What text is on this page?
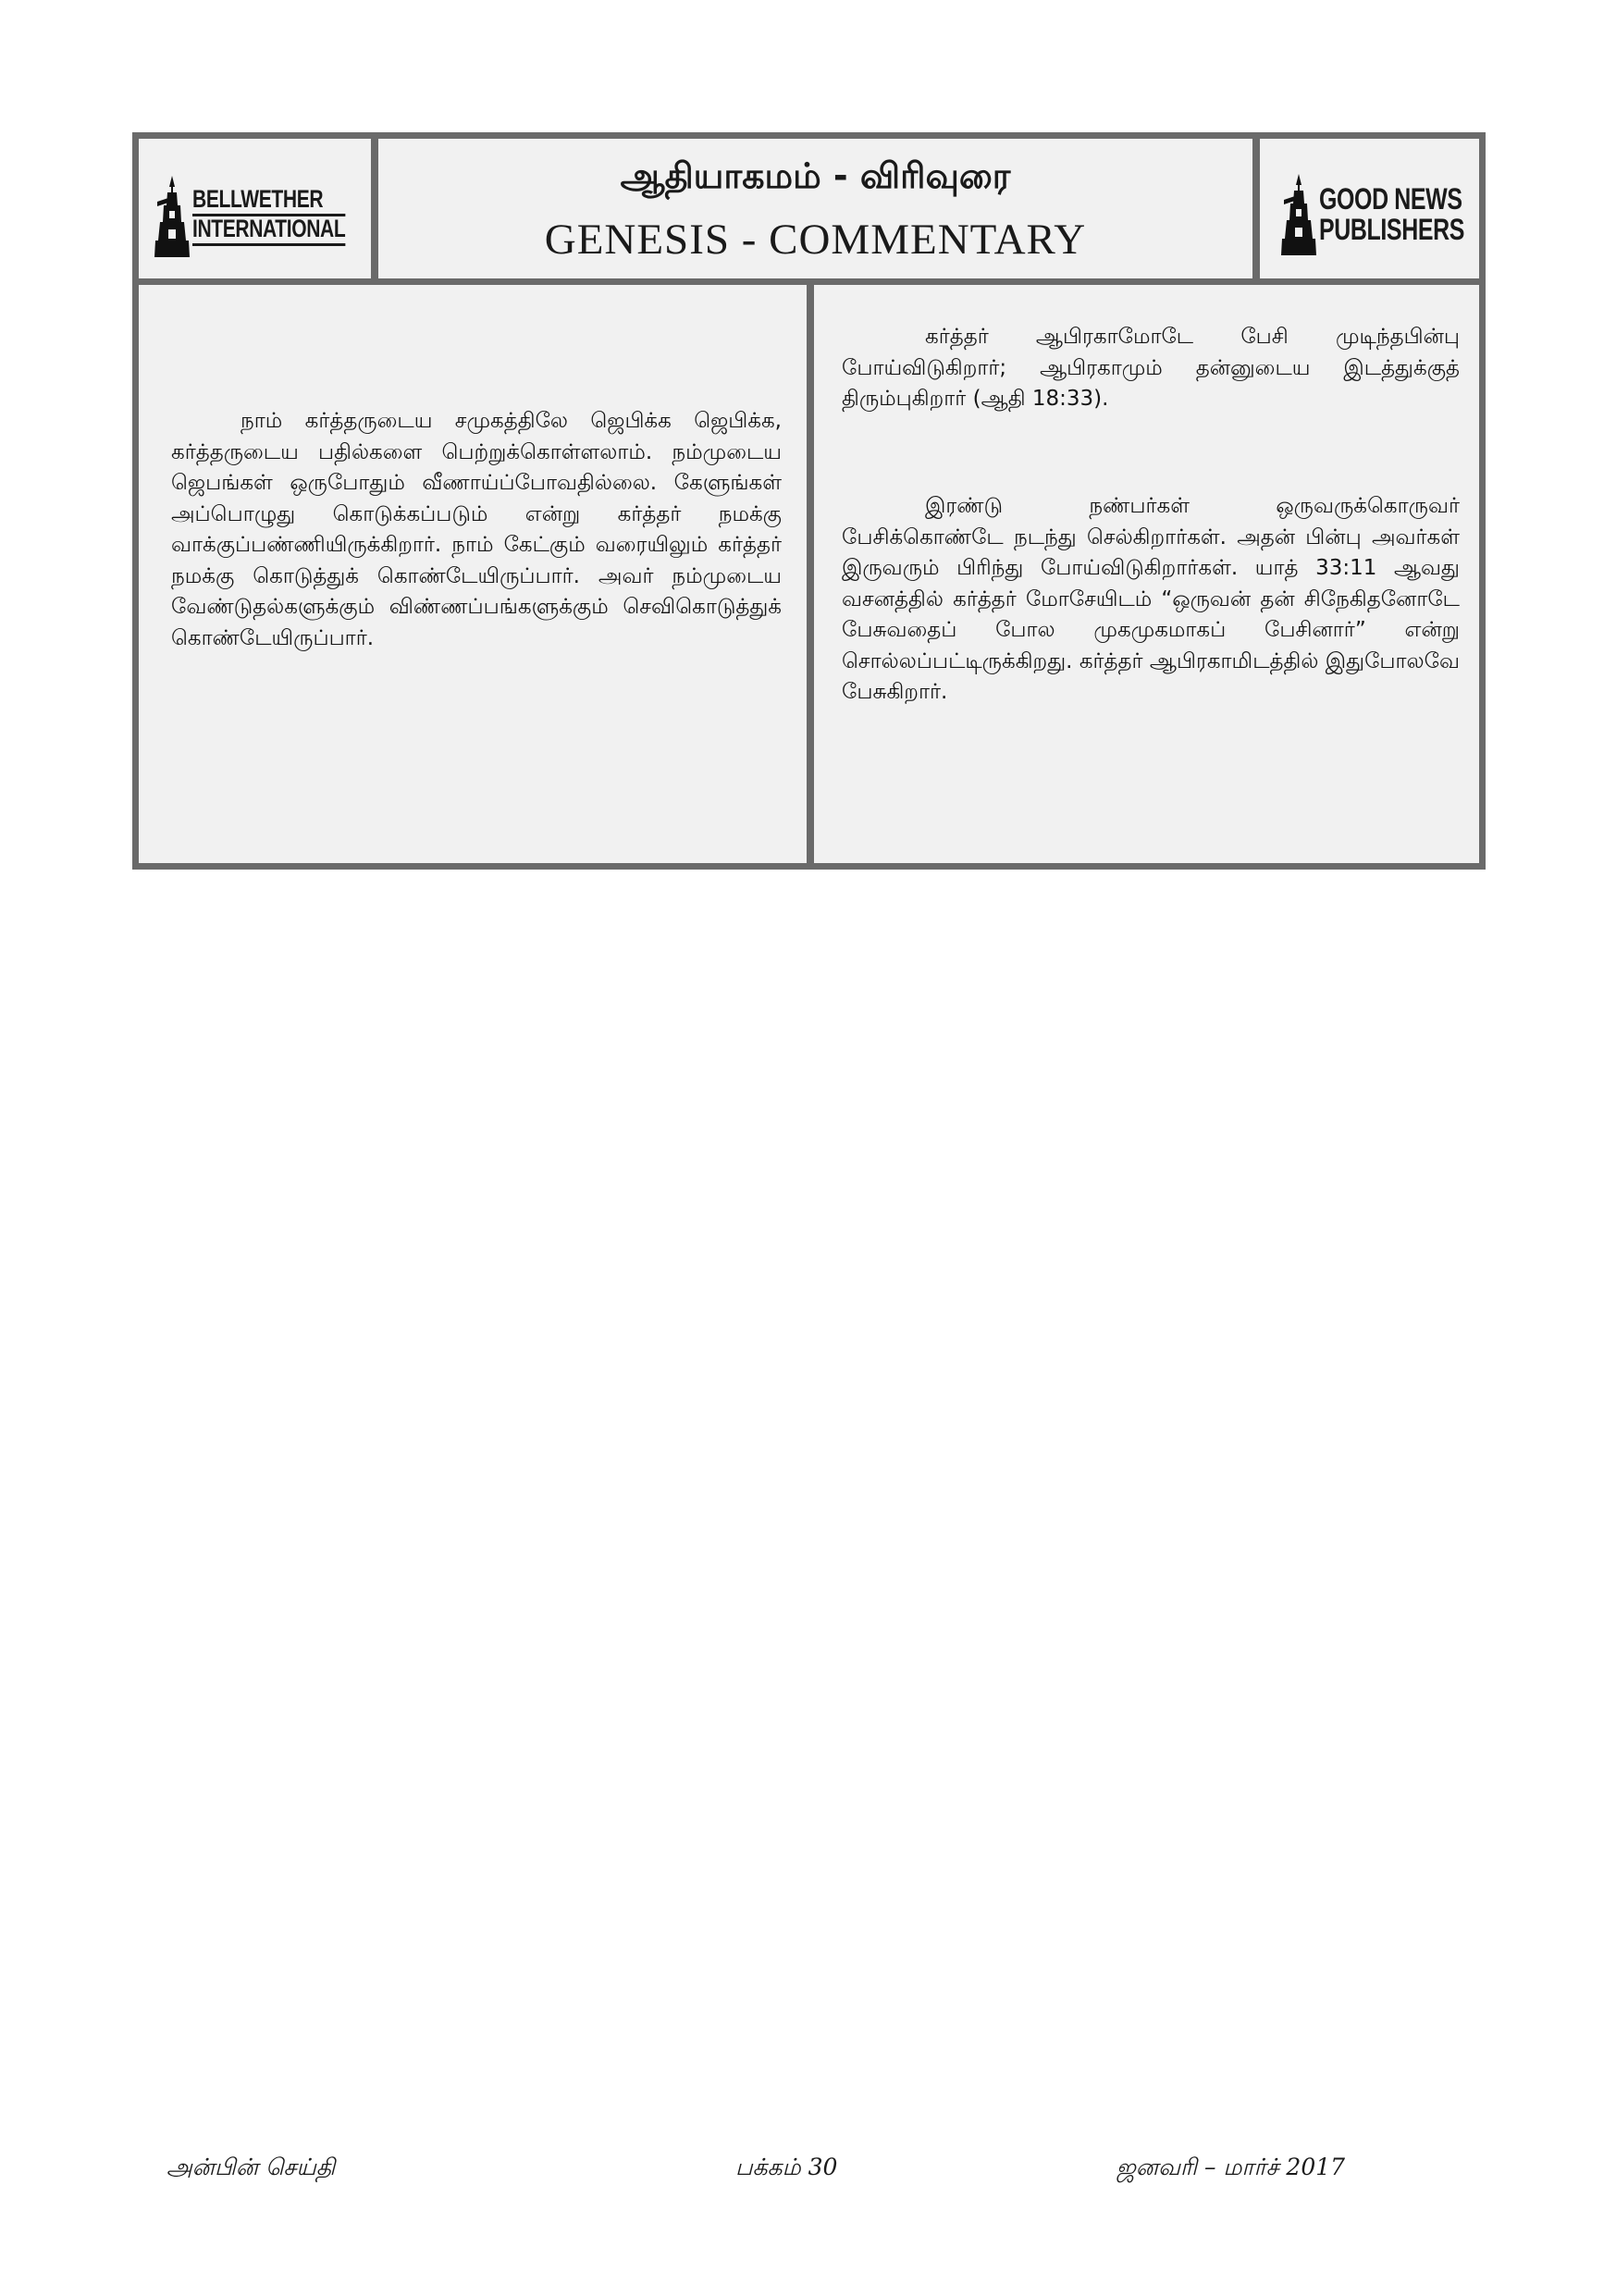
BELLWETHER
INTERNATIONAL
ஆதியாகமம் - விரிவுரை
GENESIS - COMMENTARY
GOOD NEWS
PUBLISHERS

நாம் கர்த்தருடைய சமுகத்திலே ஜெபிக்க ஜெபிக்க, கர்த்தருடைய பதில்களை பெற்றுக்கொள்ளலாம். நம்முடைய ஜெபங்கள் ஒருபோதும் வீணாய்ப்போவதில்லை. கேளுங்கள் அப்பொழுது கொடுக்கப்படும் என்று கர்த்தர் நமக்கு வாக்குப்பண்ணியிருக்கிறார். நாம் கேட்கும் வரையிலும் கர்த்தர் நமக்கு கொடுத்துக் கொண்டேயிருப்பார். அவர் நம்முடைய வேண்டுதல்களுக்கும் விண்ணப்பங்களுக்கும் செவிகொடுத்துக் கொண்டேயிருப்பார்.

கர்த்தர் ஆபிரகாமோடே பேசி முடிந்தபின்பு போய்விடுகிறார்; ஆபிரகாமும் தன்னுடைய இடத்துக்குத் திரும்புகிறார் (ஆதி 18:33).

இரண்டு நண்பர்கள் ஒருவருக்கொருவர் பேசிக்கொண்டே நடந்து செல்கிறார்கள். அதன் பின்பு அவர்கள் இருவரும் பிரிந்து போய்விடுகிறார்கள். யாத் 33:11 ஆவது வசனத்தில் கர்த்தர் மோசேயிடம் “ஒருவன் தன் சிநேகிதனோடே பேசுவதைப் போல முகமுகமாகப் பேசினார்” என்று சொல்லப்பட்டிருக்கிறது. கர்த்தர் ஆபிரகாமிடத்தில் இதுபோலவே பேசுகிறார்.

அன்பின் செய்தி	பக்கம் 30	ஜனவரி – மார்ச் 2017
